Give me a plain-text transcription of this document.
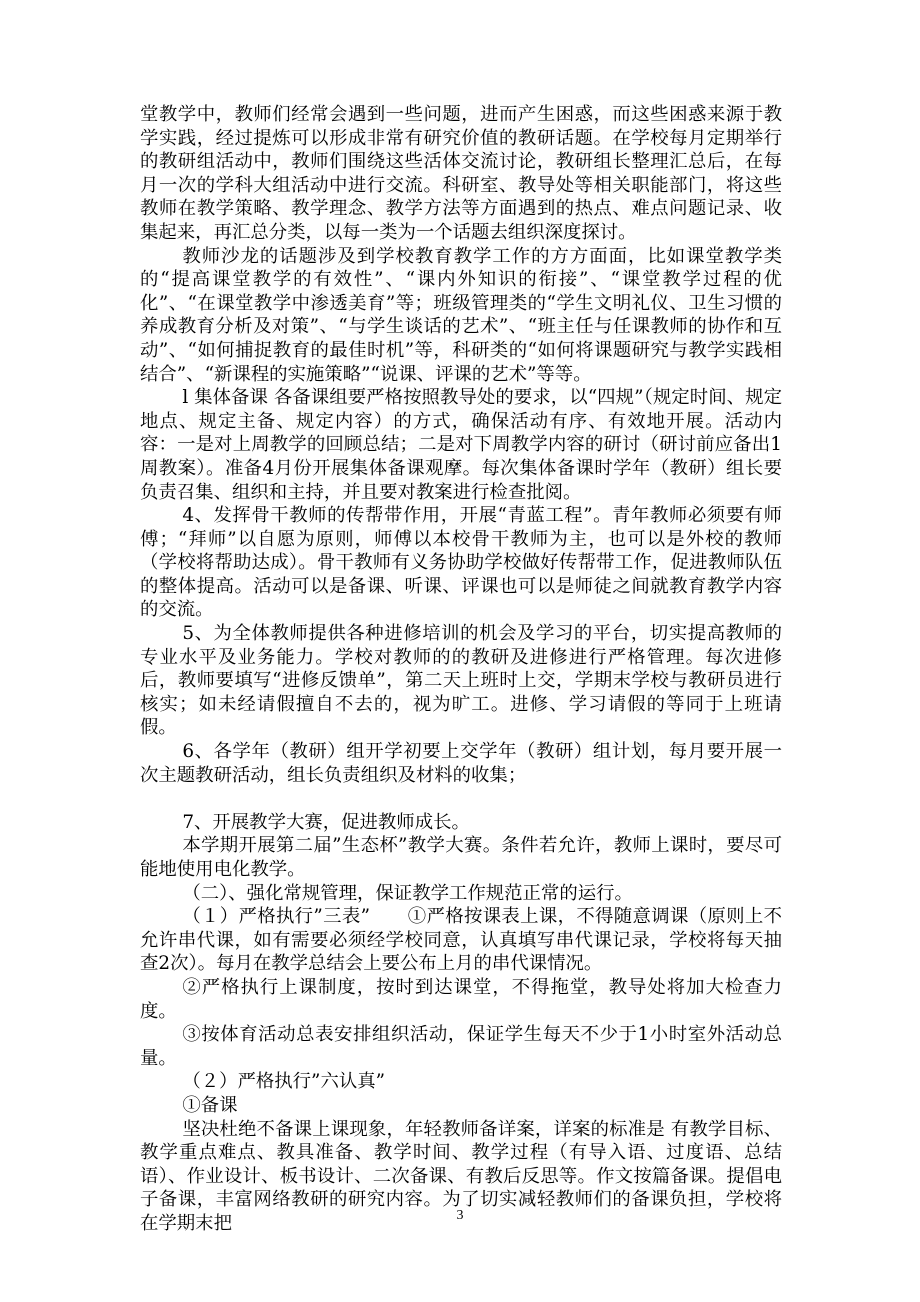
堂教学中，教师们经常会遇到一些问题，进而产生困惑，而这些困惑来源于教学实践，经过提炼可以形成非常有研究价值的教研话题。在学校每月定期举行的教研组活动中，教师们围绕这些活体交流讨论，教研组长整理汇总后，在每月一次的学科大组活动中进行交流。科研室、教导处等相关职能部门，将这些教师在教学策略、教学理念、教学方法等方面遇到的热点、难点问题记录、收集起来，再汇总分类，以每一类为一个话题去组织深度探讨。

教师沙龙的话题涉及到学校教育教学工作的方方面面，比如课堂教学类的“提高课堂教学的有效性”、“课内外知识的衔接”、“课堂教学过程的优化”、“在课堂教学中渗透美育”等；班级管理类的“学生文明礼仪、卫生习惯的养成教育分析及对策”、“与学生谈话的艺术”、“班主任与任课教师的协作和互动”、“如何捕捉教育的最佳时机”等，科研类的“如何将课题研究与教学实践相结合”、“新课程的实施策略”“说课、评课的艺术”等等。

l 集体备课 各备课组要严格按照教导处的要求，以“四规”（规定时间、规定地点、规定主备、规定内容）的方式，确保活动有序、有效地开展。活动内容：一是对上周教学的回顾总结；二是对下周教学内容的研讨（研讨前应备出1周教案）。准备4月份开展集体备课观摩。每次集体备课时学年（教研）组长要负责召集、组织和主持，并且要对教案进行检查批阅。

4、发挥骨干教师的传帮带作用，开展“青蓝工程”。青年教师必须要有师傅；“拜师”以自愿为原则，师傅以本校骨干教师为主，也可以是外校的教师（学校将帮助达成）。骨干教师有义务协助学校做好传帮带工作，促进教师队伍的整体提高。活动可以是备课、听课、评课也可以是师徒之间就教育教学内容的交流。

5、为全体教师提供各种进修培训的机会及学习的平台，切实提高教师的专业水平及业务能力。学校对教师的的教研及进修进行严格管理。每次进修后，教师要填写“进修反馈单”，第二天上班时上交，学期末学校与教研员进行核实；如未经请假擅自不去的，视为旷工。进修、学习请假的等同于上班请假。

6、各学年（教研）组开学初要上交学年（教研）组计划，每月要开展一次主题教研活动，组长负责组织及材料的收集；

7、开展教学大赛，促进教师成长。

本学期开展第二届”生态杯”教学大赛。条件若允许，教师上课时，要尽可能地使用电化教学。

（二）、强化常规管理，保证教学工作规范正常的运行。

（１）严格执行”三表”　　①严格按课表上课，不得随意调课（原则上不允许串代课，如有需要必须经学校同意，认真填写串代课记录，学校将每天抽查2次）。每月在教学总结会上要公布上月的串代课情况。

②严格执行上课制度，按时到达课堂，不得拖堂，教导处将加大检查力度。

③按体育活动总表安排组织活动，保证学生每天不少于1小时室外活动总量。

（２）严格执行”六认真”

①备课

坚决杜绝不备课上课现象，年轻教师备详案，详案的标准是 有教学目标、教学重点难点、教具准备、教学时间、教学过程（有导入语、过度语、总结语）、作业设计、板书设计、二次备课、有教后反思等。作文按篇备课。提倡电子备课，丰富网络教研的研究内容。为了切实减轻教师们的备课负担，学校将在学期末把	3
